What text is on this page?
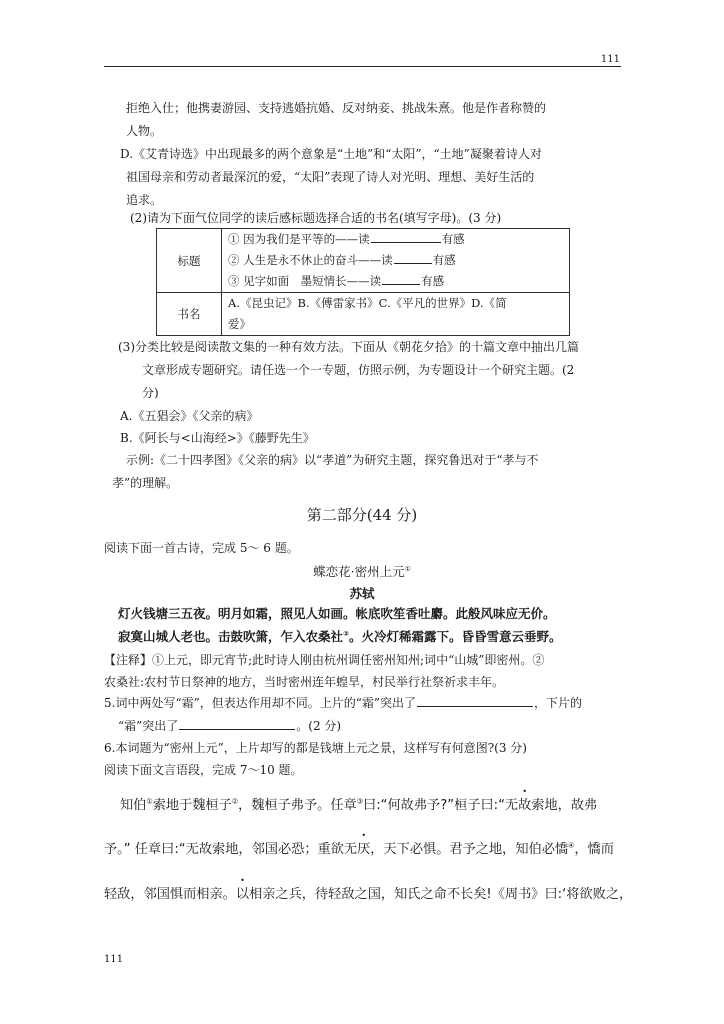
111
拒绝入仕；他携妻游园、支持逃婚抗婚、反对纳妾、挑战朱熹。他是作者称赞的
人物。
D.《艾青诗选》中出现最多的两个意象是“土地”和“太阳”，“土地”凝聚着诗人对
祖国母亲和劳动者最深沉的爱，“太阳”表现了诗人对光明、理想、美好生活的
追求。
(2)请为下面气位同学的读后感标题选择合适的书名(填写字母)。(3 分)
标题	① 因为我们是平等的——读 有感
② 人生是永不休止的奋斗——读 有感
③ 见字如面　墨短情长——读 有感

书名	A.《昆虫记》B.《傅雷家书》C.《平凡的世界》D.《简
爱》
(3)分类比较是阅读散文集的一种有效方法。下面从《朝花夕拾》的十篇文章中抽出几篇
文章形成专题研究。请任选一个一专题，仿照示例，为专题设计一个研究主题。(2
分)
A.《五猖会》《父亲的病》
B.《阿长与<山海经>》《藤野先生》
示例:《二十四孝图》《父亲的病》以“孝道”为研究主题，探究鲁迅对于“孝与不
孝”的理解。
第二部分(44 分)
阅读下面一首古诗，完成 5～ 6 题。
蝶恋花·密州上元①
苏轼
灯火钱塘三五夜。明月如霜，照见人如画。帐底吹笙香吐麝。此般风味应无价。
寂寞山城人老也。击鼓吹箫，乍入农桑社②。火冷灯稀霜露下。昏昏雪意云垂野。
【注释】①上元，即元宵节;此时诗人刚由杭州调任密州知州;词中“山城”即密州。②
农桑社:农村节日祭神的地方，当时密州连年蝗旱，村民举行社祭祈求丰年。
5.词中两处写“霜”，但表达作用却不同。上片的“霜”突出了	，下片的
“霜”突出了	。(2 分)
6.本词题为“密州上元”，上片却写的都是钱塘上元之景，这样写有何意图?(3 分)
阅读下面文言语段，完成 7～10 题。
知伯①索地于魏桓子②，魏桓子弗予。任章③曰:“何故弗予?”桓子曰:“无故索地，故弗
予。” 任章曰:“无故索地，邻国必恐；重欲无厌，天下必惧。君予之地，知伯必憍④，憍而
轻敌，邻国惧而相亲。以相亲之兵，待轻敌之国，知氏之命不长矣!《周书》曰:‘将欲败之，
111
